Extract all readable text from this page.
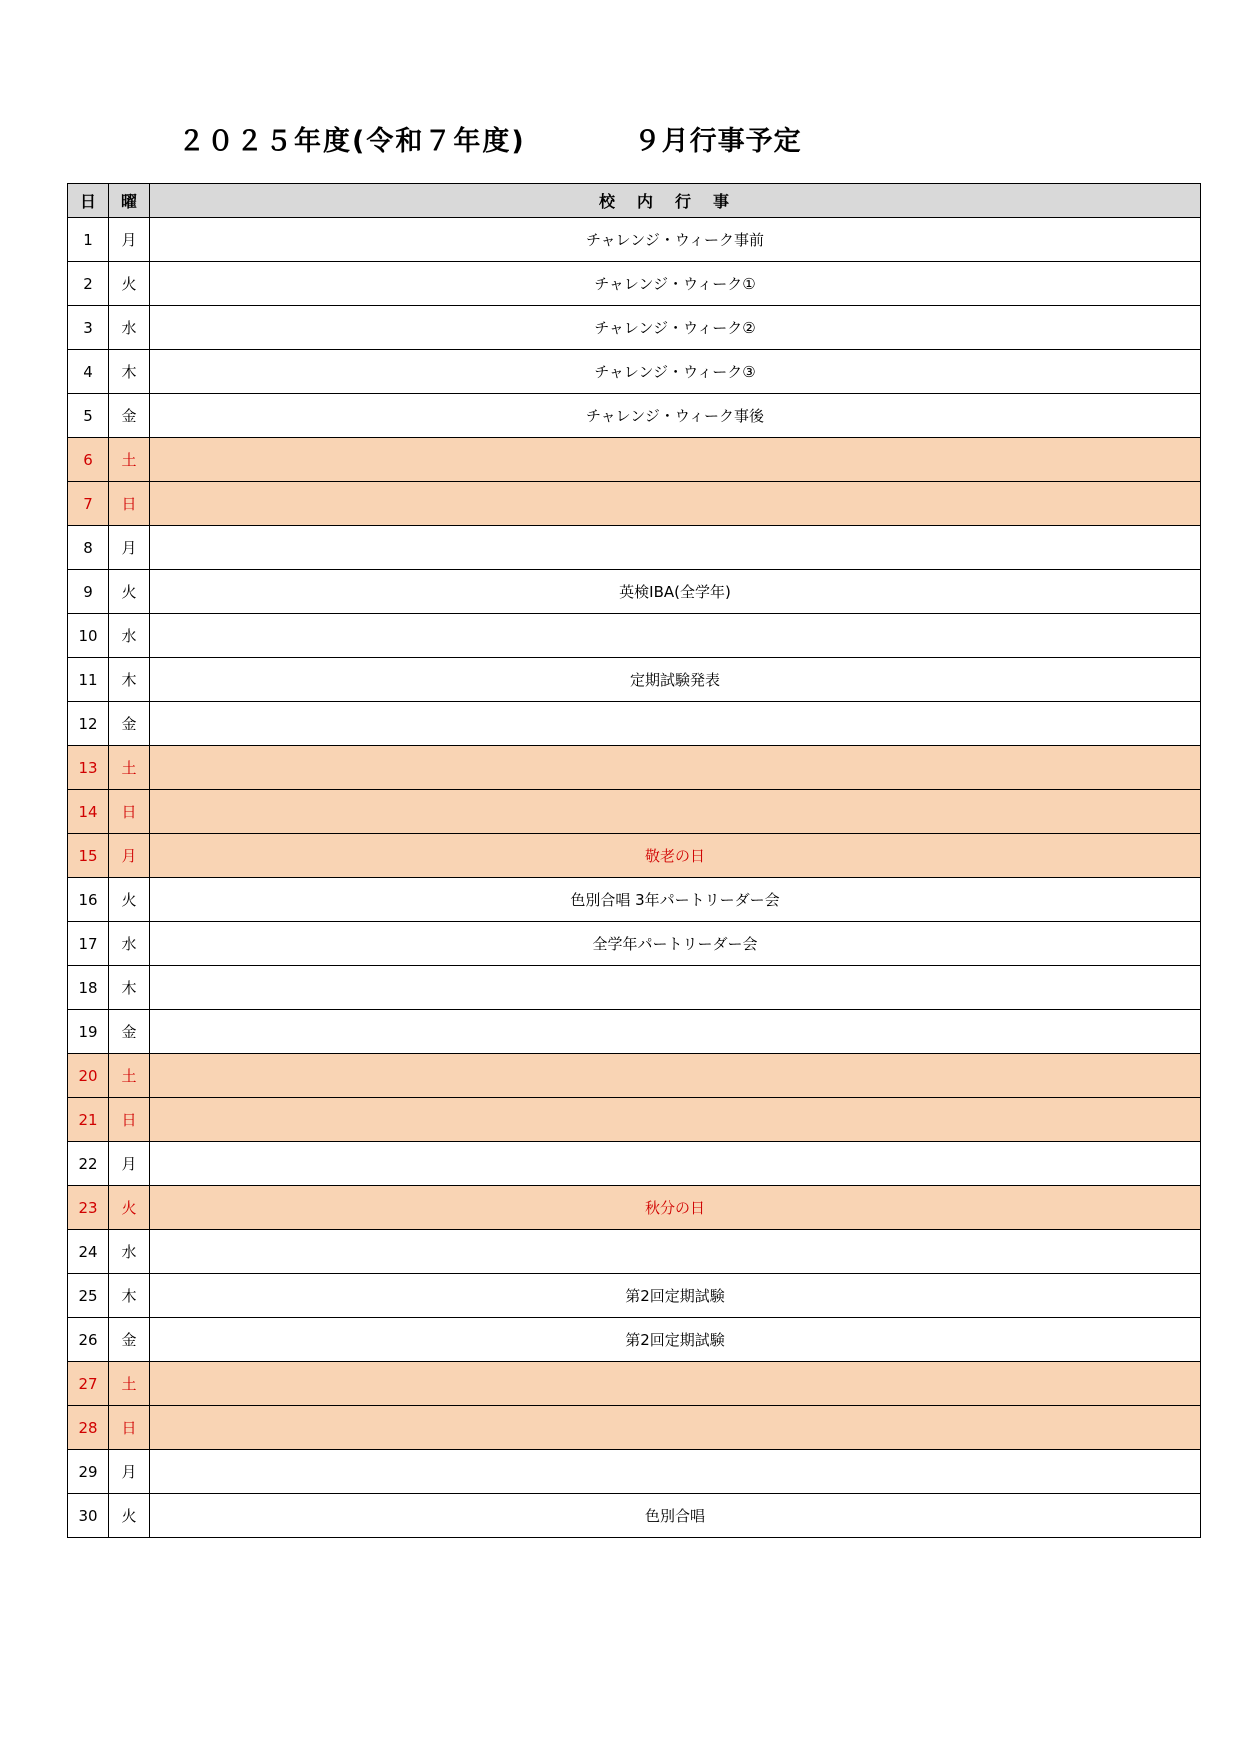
２０２５年度(令和７年度)	９月行事予定
日	曜	校内行事
1	月	チャレンジ・ウィーク事前
2	火	チャレンジ・ウィーク①
3	水	チャレンジ・ウィーク②
4	木	チャレンジ・ウィーク③
5	金	チャレンジ・ウィーク事後
6	土	
7	日	
8	月	
9	火	英検IBA(全学年)
10	水	
11	木	定期試験発表
12	金	
13	土	
14	日	
15	月	敬老の日
16	火	色別合唱 3年パートリーダー会
17	水	全学年パートリーダー会
18	木	
19	金	
20	土	
21	日	
22	月	
23	火	秋分の日
24	水	
25	木	第2回定期試験
26	金	第2回定期試験
27	土	
28	日	
29	月	
30	火	色別合唱
